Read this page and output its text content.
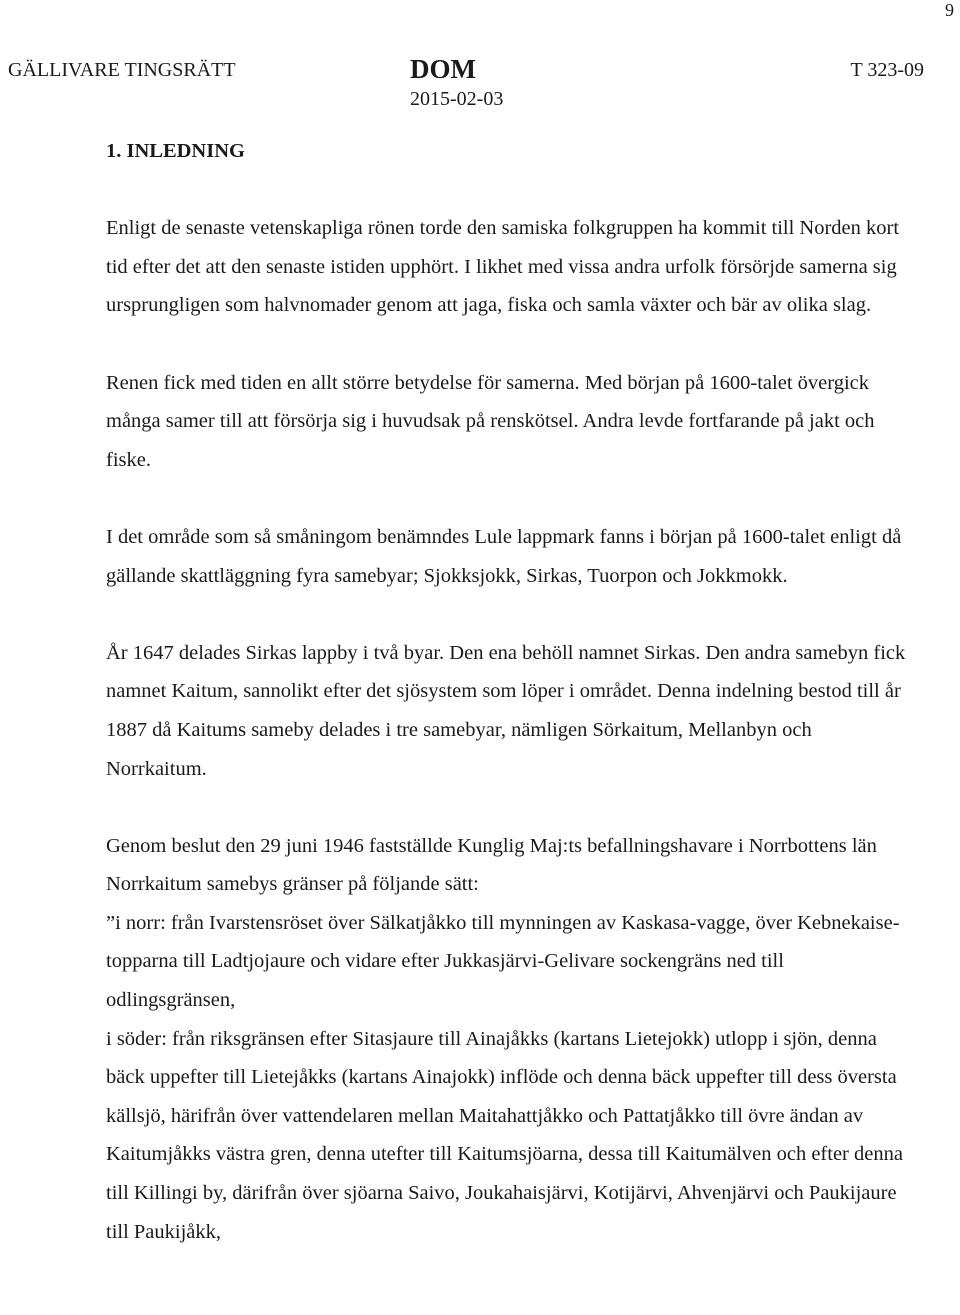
9
GÄLLIVARE TINGSRÄTT	DOM
2015-02-03
T 323-09
1. INLEDNING

Enligt de senaste vetenskapliga rönen torde den samiska folkgruppen ha kommit till Norden kort tid efter det att den senaste istiden upphört. I likhet med vissa andra urfolk försörjde samerna sig ursprungligen som halvnomader genom att jaga, fiska och samla växter och bär av olika slag.

Renen fick med tiden en allt större betydelse för samerna. Med början på 1600-talet övergick många samer till att försörja sig i huvudsak på renskötsel. Andra levde fortfarande på jakt och fiske.

I det område som så småningom benämndes Lule lappmark fanns i början på 1600-talet enligt då gällande skattläggning fyra samebyar; Sjokksjokk, Sirkas, Tuorpon och Jokkmokk.

År 1647 delades Sirkas lappby i två byar. Den ena behöll namnet Sirkas. Den andra samebyn fick namnet Kaitum, sannolikt efter det sjösystem som löper i området. Denna indelning bestod till år 1887 då Kaitums sameby delades i tre samebyar, nämligen Sörkaitum, Mellanbyn och Norrkaitum.

Genom beslut den 29 juni 1946 fastställde Kunglig Maj:ts befallningshavare i Norrbottens län Norrkaitum samebys gränser på följande sätt:

”i norr: från Ivarstensröset över Sälkatjåkko till mynningen av Kaskasa-vagge, över Kebnekaise-topparna till Ladtjojaure och vidare efter Jukkasjärvi-Gelivare sockengräns ned till odlingsgränsen,

i söder: från riksgränsen efter Sitasjaure till Ainajåkks (kartans Lietejokk) utlopp i sjön, denna bäck uppefter till Lietejåkks (kartans Ainajokk) inflöde och denna bäck uppefter till dess översta källsjö, härifrån över vattendelaren mellan Maitahattjåkko och Pattatjåkko till övre ändan av Kaitumjåkks västra gren, denna utefter till Kaitumsjöarna, dessa till Kaitumälven och efter denna till Killingi by, därifrån över sjöarna Saivo, Joukahaisjärvi, Kotijärvi, Ahvenjärvi och Paukijaure till Paukijåkk,
